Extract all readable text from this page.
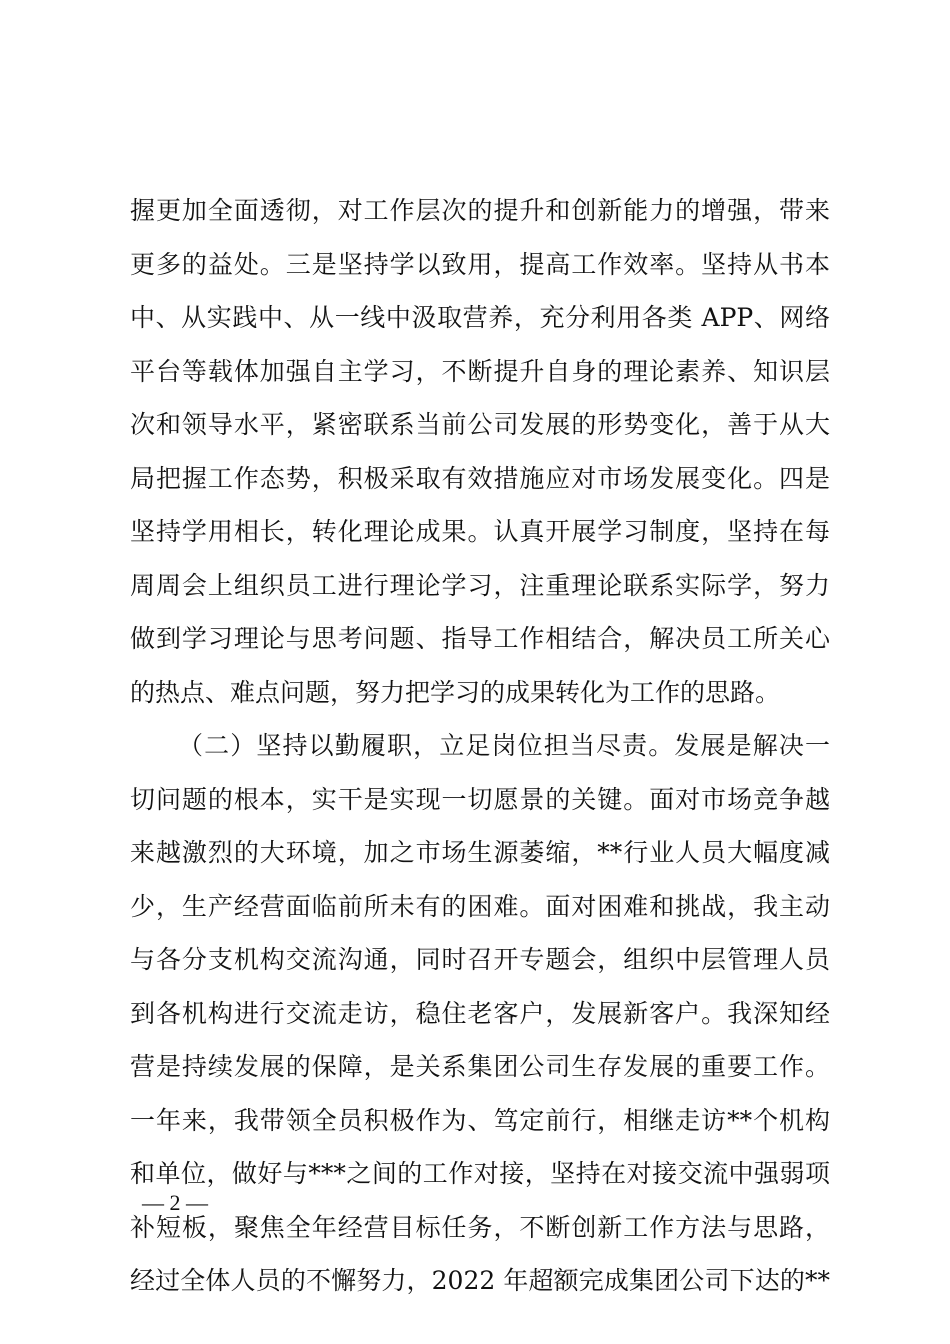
握更加全面透彻，对工作层次的提升和创新能力的增强，带来
更多的益处。三是坚持学以致用，提高工作效率。坚持从书本
中、从实践中、从一线中汲取营养，充分利用各类 APP、网络
平台等载体加强自主学习，不断提升自身的理论素养、知识层
次和领导水平，紧密联系当前公司发展的形势变化，善于从大
局把握工作态势，积极采取有效措施应对市场发展变化。四是
坚持学用相长，转化理论成果。认真开展学习制度，坚持在每
周周会上组织员工进行理论学习，注重理论联系实际学，努力
做到学习理论与思考问题、指导工作相结合，解决员工所关心
的热点、难点问题，努力把学习的成果转化为工作的思路。
（二）坚持以勤履职，立足岗位担当尽责。发展是解决一
切问题的根本，实干是实现一切愿景的关键。面对市场竞争越
来越激烈的大环境，加之市场生源萎缩，**行业人员大幅度减
少，生产经营面临前所未有的困难。面对困难和挑战，我主动
与各分支机构交流沟通，同时召开专题会，组织中层管理人员
到各机构进行交流走访，稳住老客户，发展新客户。我深知经
营是持续发展的保障，是关系集团公司生存发展的重要工作。
一年来，我带领全员积极作为、笃定前行，相继走访**个机构
和单位，做好与***之间的工作对接，坚持在对接交流中强弱项
补短板，聚焦全年经营目标任务，不断创新工作方法与思路，
经过全体人员的不懈努力，2022 年超额完成集团公司下达的**
— 2 —
